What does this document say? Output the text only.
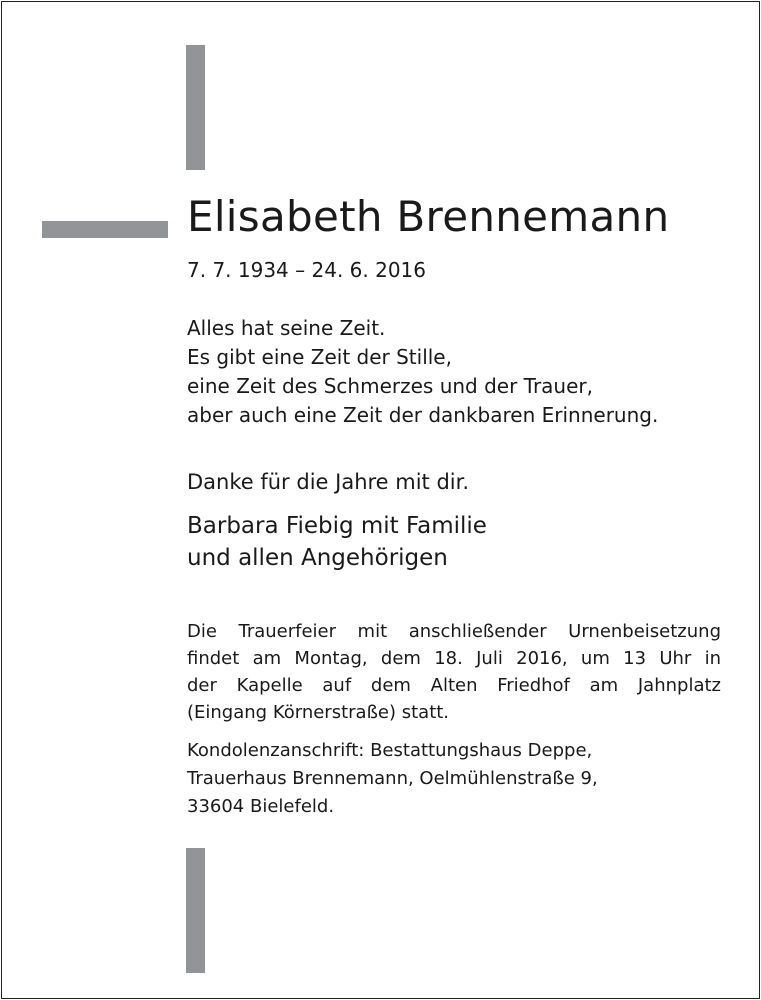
Elisabeth Brennemann

7. 7. 1934 – 24. 6. 2016

Alles hat seine Zeit.
Es gibt eine Zeit der Stille,
eine Zeit des Schmerzes und der Trauer,
aber auch eine Zeit der dankbaren Erinnerung.

Danke für die Jahre mit dir.

Barbara Fiebig mit Familie
und allen Angehörigen
Die Trauerfeier mit anschließender Urnenbeisetzung
findet am Montag, dem 18. Juli 2016, um 13 Uhr in
der Kapelle auf dem Alten Friedhof am Jahnplatz
(Eingang Körnerstraße) statt.
Kondolenzanschrift: Bestattungshaus Deppe,
Trauerhaus Brennemann, Oelmühlenstraße 9,
33604 Bielefeld.
